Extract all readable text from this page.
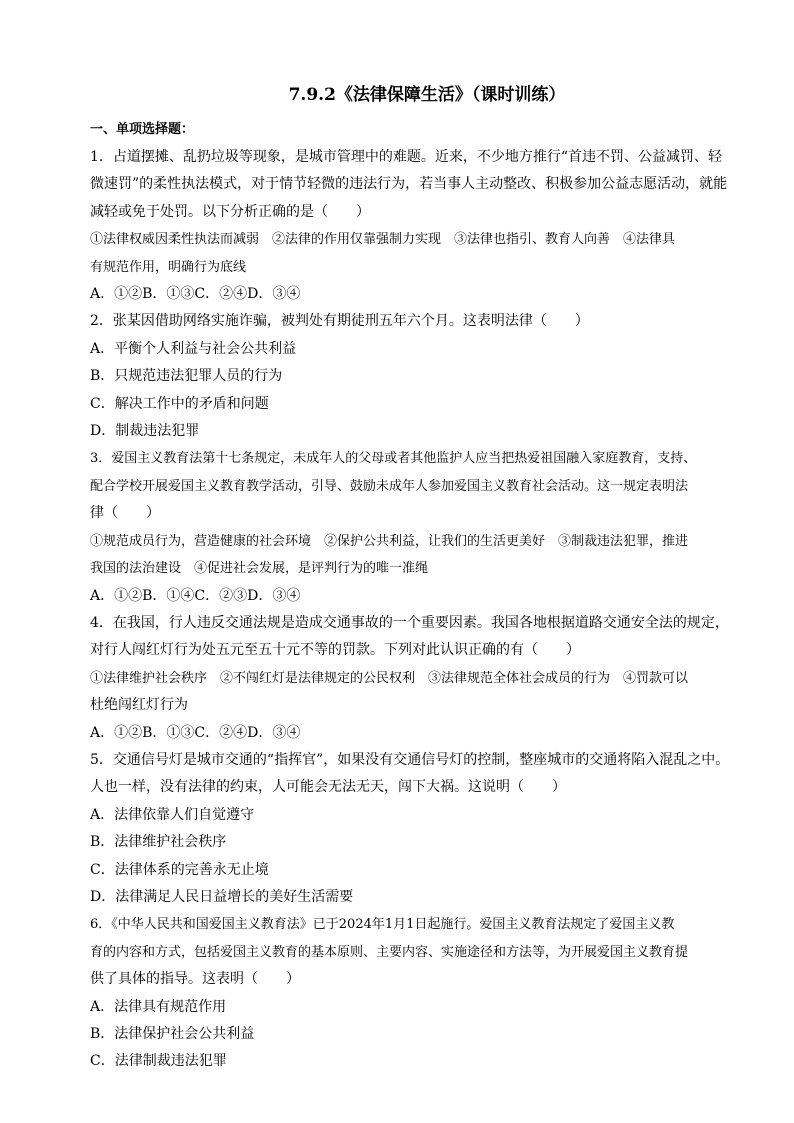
7.9.2《法律保障生活》（课时训练）
一、单项选择题：

1．占道摆摊、乱扔垃圾等现象，是城市管理中的难题。近来，不少地方推行“首违不罚、公益减罚、轻

微速罚”的柔性执法模式，对于情节轻微的违法行为，若当事人主动整改、积极参加公益志愿活动，就能

减轻或免于处罚。以下分析正确的是（　　）

①法律权威因柔性执法而减弱　②法律的作用仅靠强制力实现　③法律也指引、教育人向善　④法律具

有规范作用，明确行为底线

A．①②B．①③C．②④D．③④

2．张某因借助网络实施诈骗，被判处有期徒刑五年六个月。这表明法律（　　）

A．平衡个人利益与社会公共利益

B．只规范违法犯罪人员的行为

C．解决工作中的矛盾和问题

D．制裁违法犯罪

3．爱国主义教育法第十七条规定，未成年人的父母或者其他监护人应当把热爱祖国融入家庭教育，支持、

配合学校开展爱国主义教育教学活动，引导、鼓励未成年人参加爱国主义教育社会活动。这一规定表明法

律（　　）

①规范成员行为，营造健康的社会环境　②保护公共利益，让我们的生活更美好　③制裁违法犯罪，推进

我国的法治建设　④促进社会发展，是评判行为的唯一准绳

A．①②B．①④C．②③D．③④

4．在我国，行人违反交通法规是造成交通事故的一个重要因素。我国各地根据道路交通安全法的规定，

对行人闯红灯行为处五元至五十元不等的罚款。下列对此认识正确的有（　　）

①法律维护社会秩序　②不闯红灯是法律规定的公民权利　③法律规范全体社会成员的行为　④罚款可以

杜绝闯红灯行为

A．①②B．①③C．②④D．③④

5．交通信号灯是城市交通的“指挥官”，如果没有交通信号灯的控制，整座城市的交通将陷入混乱之中。

人也一样，没有法律的约束，人可能会无法无天，闯下大祸。这说明（　　）

A．法律依靠人们自觉遵守

B．法律维护社会秩序

C．法律体系的完善永无止境

D．法律满足人民日益增长的美好生活需要

6．《中华人民共和国爱国主义教育法》已于2024年1月1日起施行。爱国主义教育法规定了爱国主义教

育的内容和方式，包括爱国主义教育的基本原则、主要内容、实施途径和方法等，为开展爱国主义教育提

供了具体的指导。这表明（　　）

A．法律具有规范作用

B．法律保护社会公共利益

C．法律制裁违法犯罪
